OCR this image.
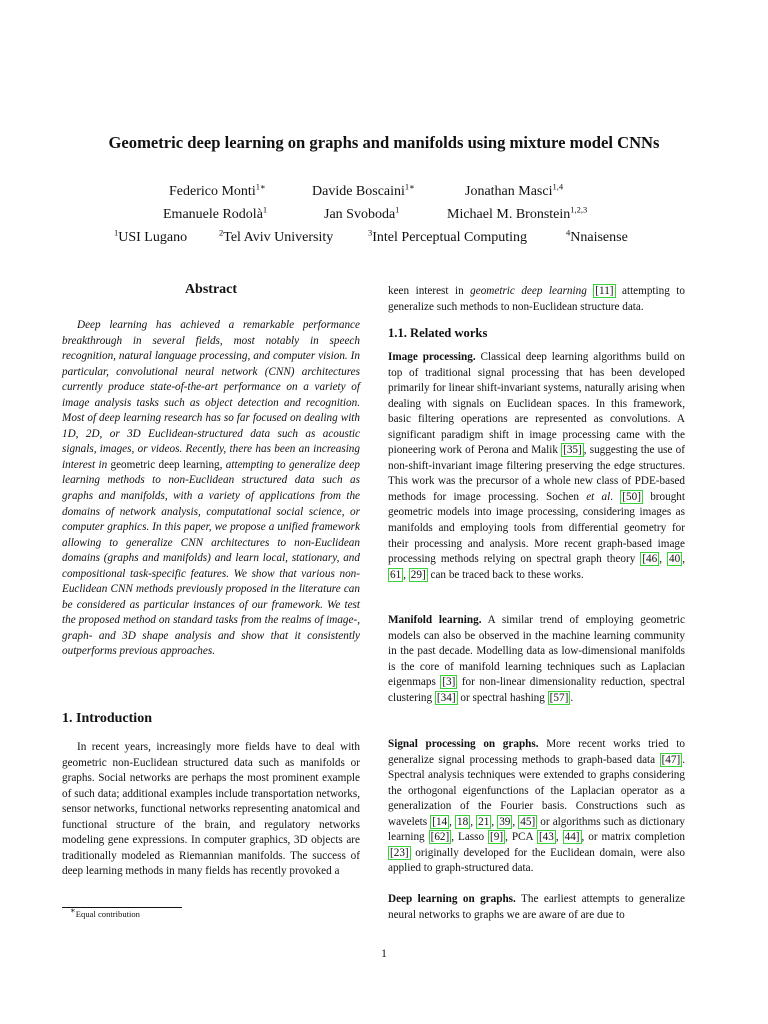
Geometric deep learning on graphs and manifolds using mixture model CNNs
Federico Monti$^{1∗}$	Davide Boscaini$^{1∗}$	Jonathan Masci$^{1,4}$
Emanuele Rodolà$^1$	Jan Svoboda$^1$	Michael M. Bronstein$^{1,2,3}$
$^1$USI Lugano	$^2$Tel Aviv University	$^3$Intel Perceptual Computing	$^4$Nnaisense
Abstract
Deep learning has achieved a remarkable performance breakthrough in several fields, most notably in speech recognition, natural language processing, and computer vision. In particular, convolutional neural network (CNN) architectures currently produce state-of-the-art performance on a variety of image analysis tasks such as object detection and recognition. Most of deep learning research has so far focused on dealing with 1D, 2D, or 3D Euclidean-structured data such as acoustic signals, images, or videos. Recently, there has been an increasing interest in geometric deep learning, attempting to generalize deep learning methods to non-Euclidean structured data such as graphs and manifolds, with a variety of applications from the domains of network analysis, computational social science, or computer graphics. In this paper, we propose a unified framework allowing to generalize CNN architectures to non-Euclidean domains (graphs and manifolds) and learn local, stationary, and compositional task-specific features. We show that various non-Euclidean CNN methods previously proposed in the literature can be considered as particular instances of our framework. We test the proposed method on standard tasks from the realms of image-, graph- and 3D shape analysis and show that it consistently outperforms previous approaches.
1. Introduction
In recent years, increasingly more fields have to deal with geometric non-Euclidean structured data such as manifolds or graphs. Social networks are perhaps the most prominent example of such data; additional examples include transportation networks, sensor networks, functional networks representing anatomical and functional structure of the brain, and regulatory networks modeling gene expressions. In computer graphics, 3D objects are traditionally modeled as Riemannian manifolds. The success of deep learning methods in many fields has recently provoked a
∗Equal contribution
keen interest in geometric deep learning [11] attempting to generalize such methods to non-Euclidean structure data.
1.1. Related works
Image processing. Classical deep learning algorithms build on top of traditional signal processing that has been developed primarily for linear shift-invariant systems, naturally arising when dealing with signals on Euclidean spaces. In this framework, basic filtering operations are represented as convolutions. A significant paradigm shift in image processing came with the pioneering work of Perona and Malik [35] , suggesting the use of non-shift-invariant image filtering preserving the edge structures. This work was the precursor of a whole new class of PDE-based methods for image processing. Sochen et al. [50] brought geometric models into image processing, considering images as manifolds and employing tools from differential geometry for their processing and analysis. More recent graph-based image processing methods relying on spectral graph theory [46 , 40 , 61 , 29] can be traced back to these works.
Manifold learning. A similar trend of employing geometric models can also be observed in the machine learning community in the past decade. Modelling data as low-dimensional manifolds is the core of manifold learning techniques such as Laplacian eigenmaps [3] for non-linear dimensionality reduction, spectral clustering [34] or spectral hashing [57] .
Signal processing on graphs. More recent works tried to generalize signal processing methods to graph-based data [47] . Spectral analysis techniques were extended to graphs considering the orthogonal eigenfunctions of the Laplacian operator as a generalization of the Fourier basis. Constructions such as wavelets [14 , 18 , 21 , 39 , 45] or algorithms such as dictionary learning [62] , Lasso [9] , PCA [43 , 44] , or matrix completion [23] originally developed for the Euclidean domain, were also applied to graph-structured data.
Deep learning on graphs. The earliest attempts to generalize neural networks to graphs we are aware of are due to
1
